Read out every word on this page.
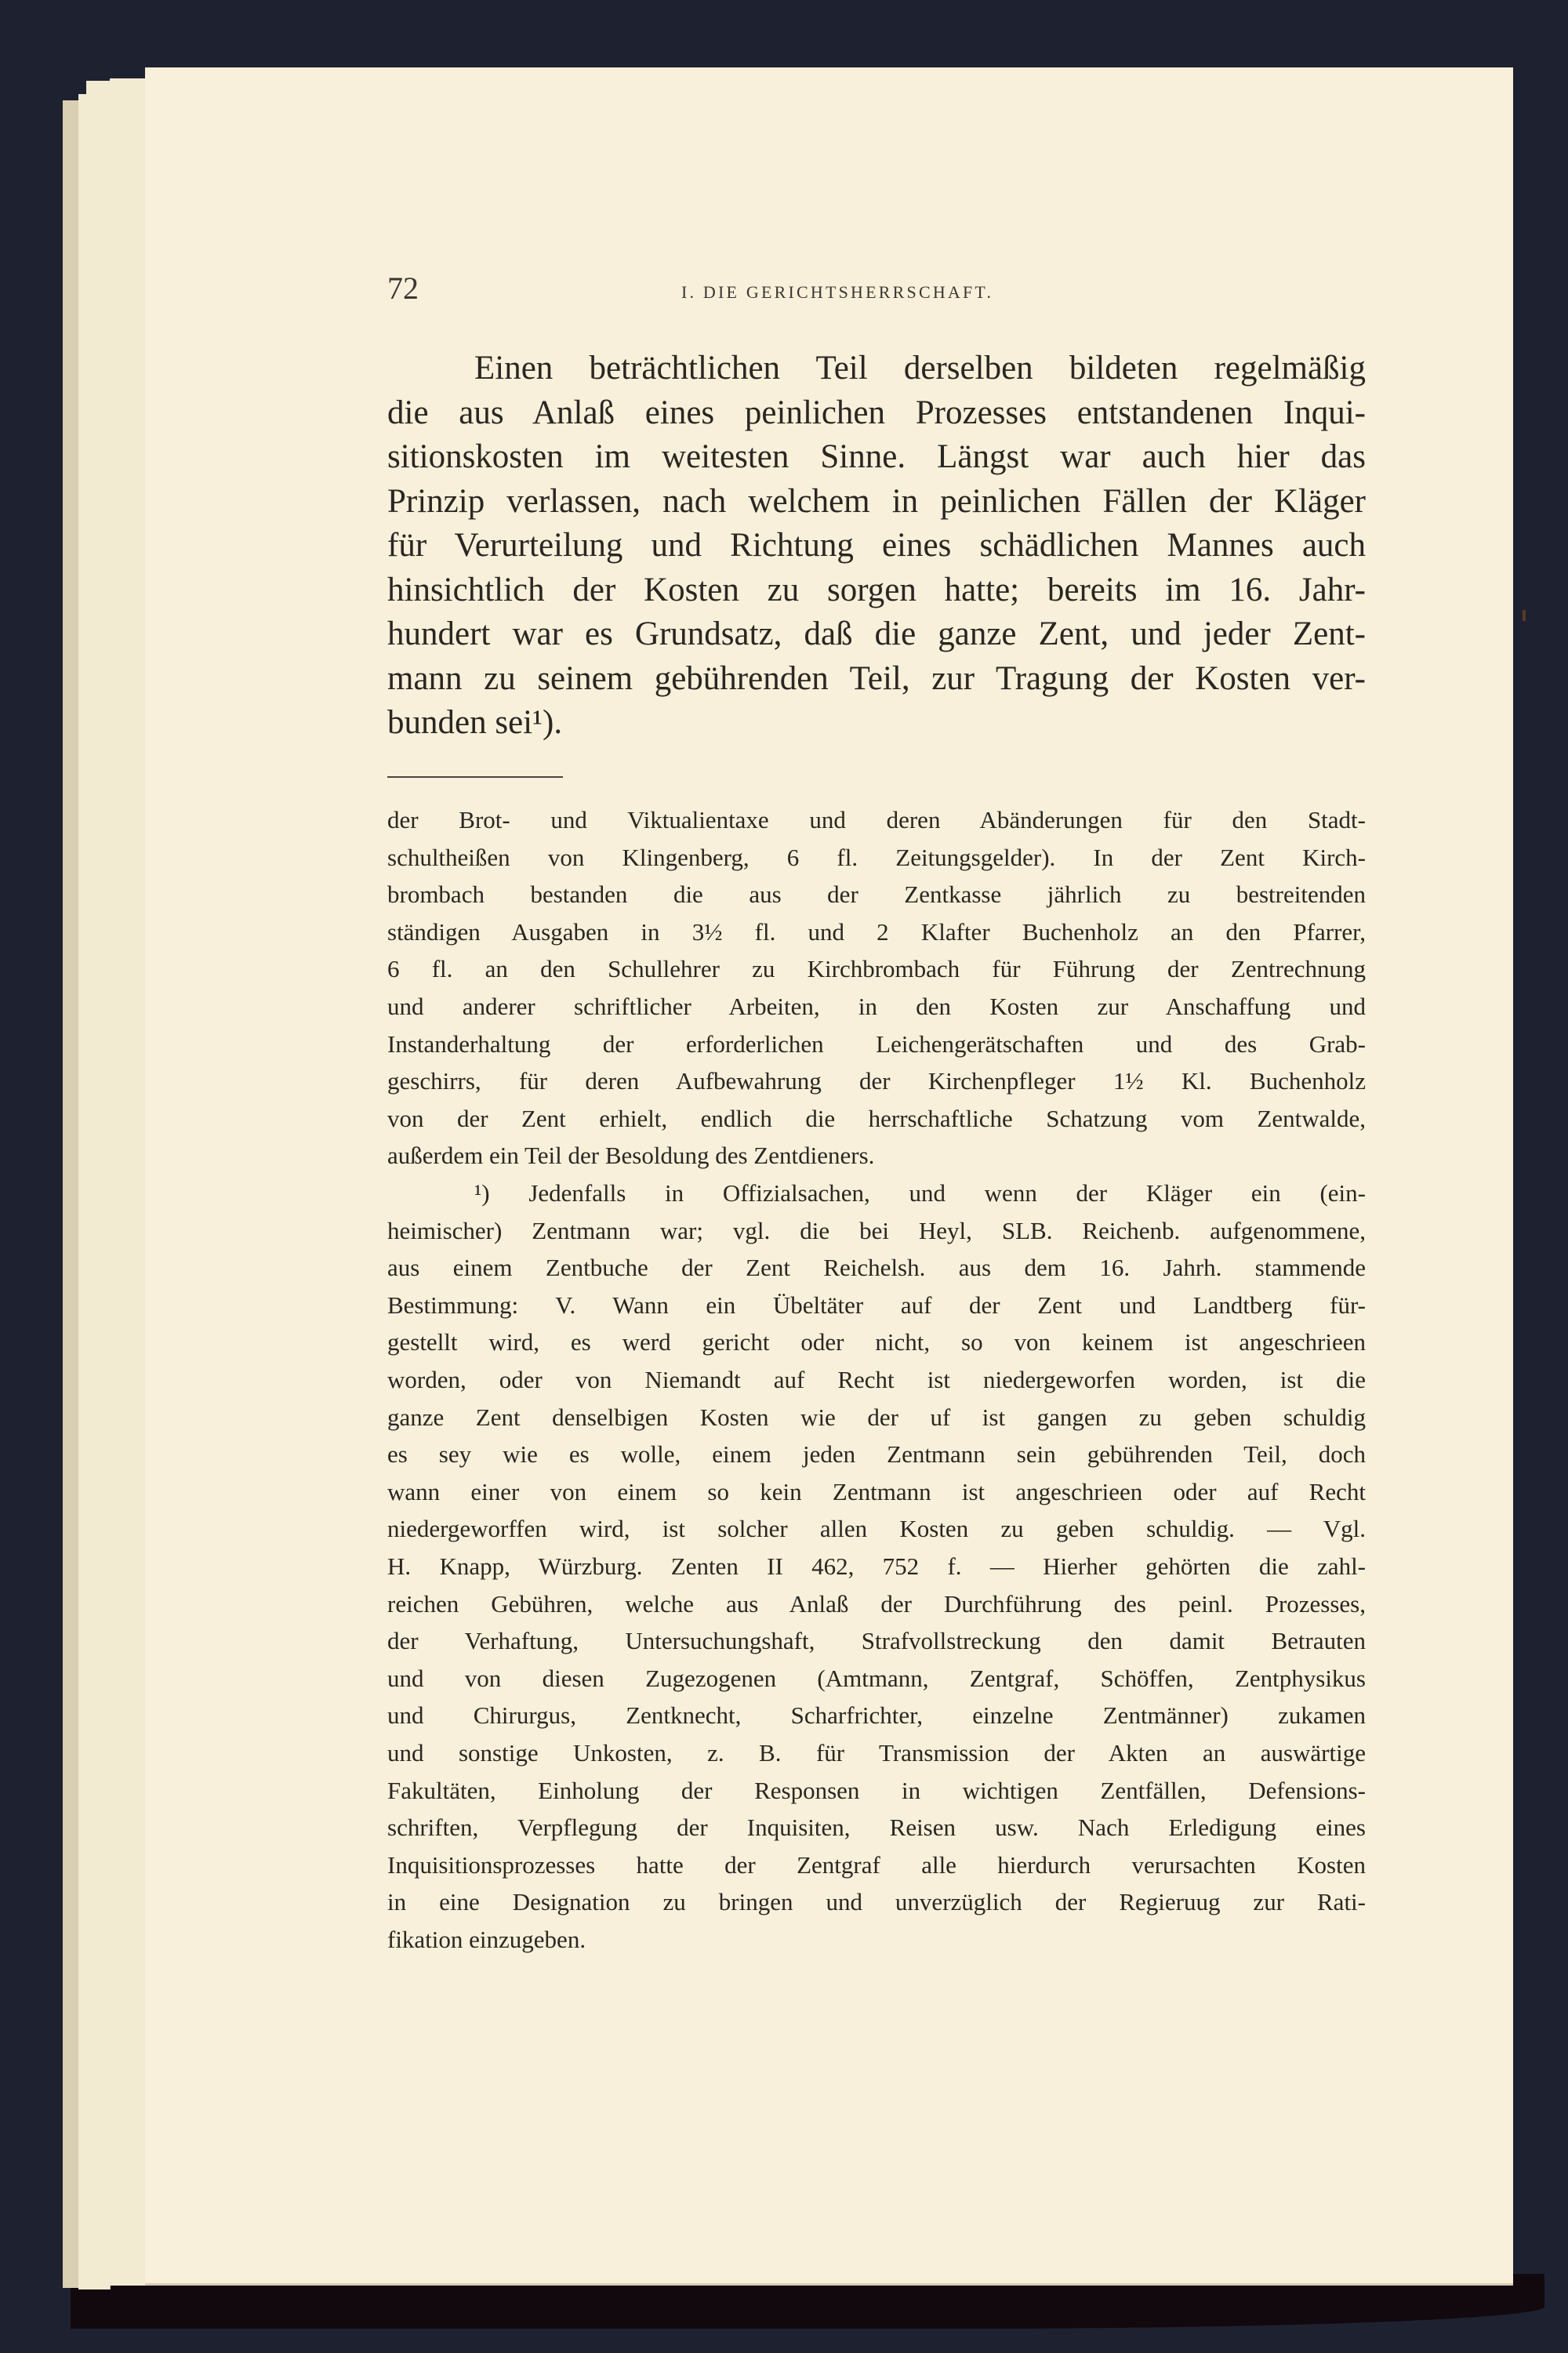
72	I. DIE GERICHTSHERRSCHAFT.
Einen beträchtlichen Teil derselben bildeten regelmäßig
die aus Anlaß eines peinlichen Prozesses entstandenen Inqui-
sitionskosten im weitesten Sinne. Längst war auch hier das
Prinzip verlassen, nach welchem in peinlichen Fällen der Kläger
für Verurteilung und Richtung eines schädlichen Mannes auch
hinsichtlich der Kosten zu sorgen hatte; bereits im 16. Jahr-
hundert war es Grundsatz, daß die ganze Zent, und jeder Zent-
mann zu seinem gebührenden Teil, zur Tragung der Kosten ver-
bunden sei¹).
der Brot- und Viktualientaxe und deren Abänderungen für den Stadt-
schultheißen von Klingenberg, 6 fl. Zeitungsgelder). In der Zent Kirch-
brombach bestanden die aus der Zentkasse jährlich zu bestreitenden
ständigen Ausgaben in 3½ fl. und 2 Klafter Buchenholz an den Pfarrer,
6 fl. an den Schullehrer zu Kirchbrombach für Führung der Zentrechnung
und anderer schriftlicher Arbeiten, in den Kosten zur Anschaffung und
Instanderhaltung der erforderlichen Leichengerätschaften und des Grab-
geschirrs, für deren Aufbewahrung der Kirchenpfleger 1½ Kl. Buchenholz
von der Zent erhielt, endlich die herrschaftliche Schatzung vom Zentwalde,
außerdem ein Teil der Besoldung des Zentdieners.
¹) Jedenfalls in Offizialsachen, und wenn der Kläger ein (ein-
heimischer) Zentmann war; vgl. die bei Heyl, SLB. Reichenb. aufgenommene,
aus einem Zentbuche der Zent Reichelsh. aus dem 16. Jahrh. stammende
Bestimmung: V. Wann ein Übeltäter auf der Zent und Landtberg für-
gestellt wird, es werd gericht oder nicht, so von keinem ist angeschrieen
worden, oder von Niemandt auf Recht ist niedergeworfen worden, ist die
ganze Zent denselbigen Kosten wie der uf ist gangen zu geben schuldig
es sey wie es wolle, einem jeden Zentmann sein gebührenden Teil, doch
wann einer von einem so kein Zentmann ist angeschrieen oder auf Recht
niedergeworffen wird, ist solcher allen Kosten zu geben schuldig. — Vgl.
H. Knapp, Würzburg. Zenten II 462, 752 f. — Hierher gehörten die zahl-
reichen Gebühren, welche aus Anlaß der Durchführung des peinl. Prozesses,
der Verhaftung, Untersuchungshaft, Strafvollstreckung den damit Betrauten
und von diesen Zugezogenen (Amtmann, Zentgraf, Schöffen, Zentphysikus
und Chirurgus, Zentknecht, Scharfrichter, einzelne Zentmänner) zukamen
und sonstige Unkosten, z. B. für Transmission der Akten an auswärtige
Fakultäten, Einholung der Responsen in wichtigen Zentfällen, Defensions-
schriften, Verpflegung der Inquisiten, Reisen usw. Nach Erledigung eines
Inquisitionsprozesses hatte der Zentgraf alle hierdurch verursachten Kosten
in eine Designation zu bringen und unverzüglich der Regieruug zur Rati-
fikation einzugeben.
